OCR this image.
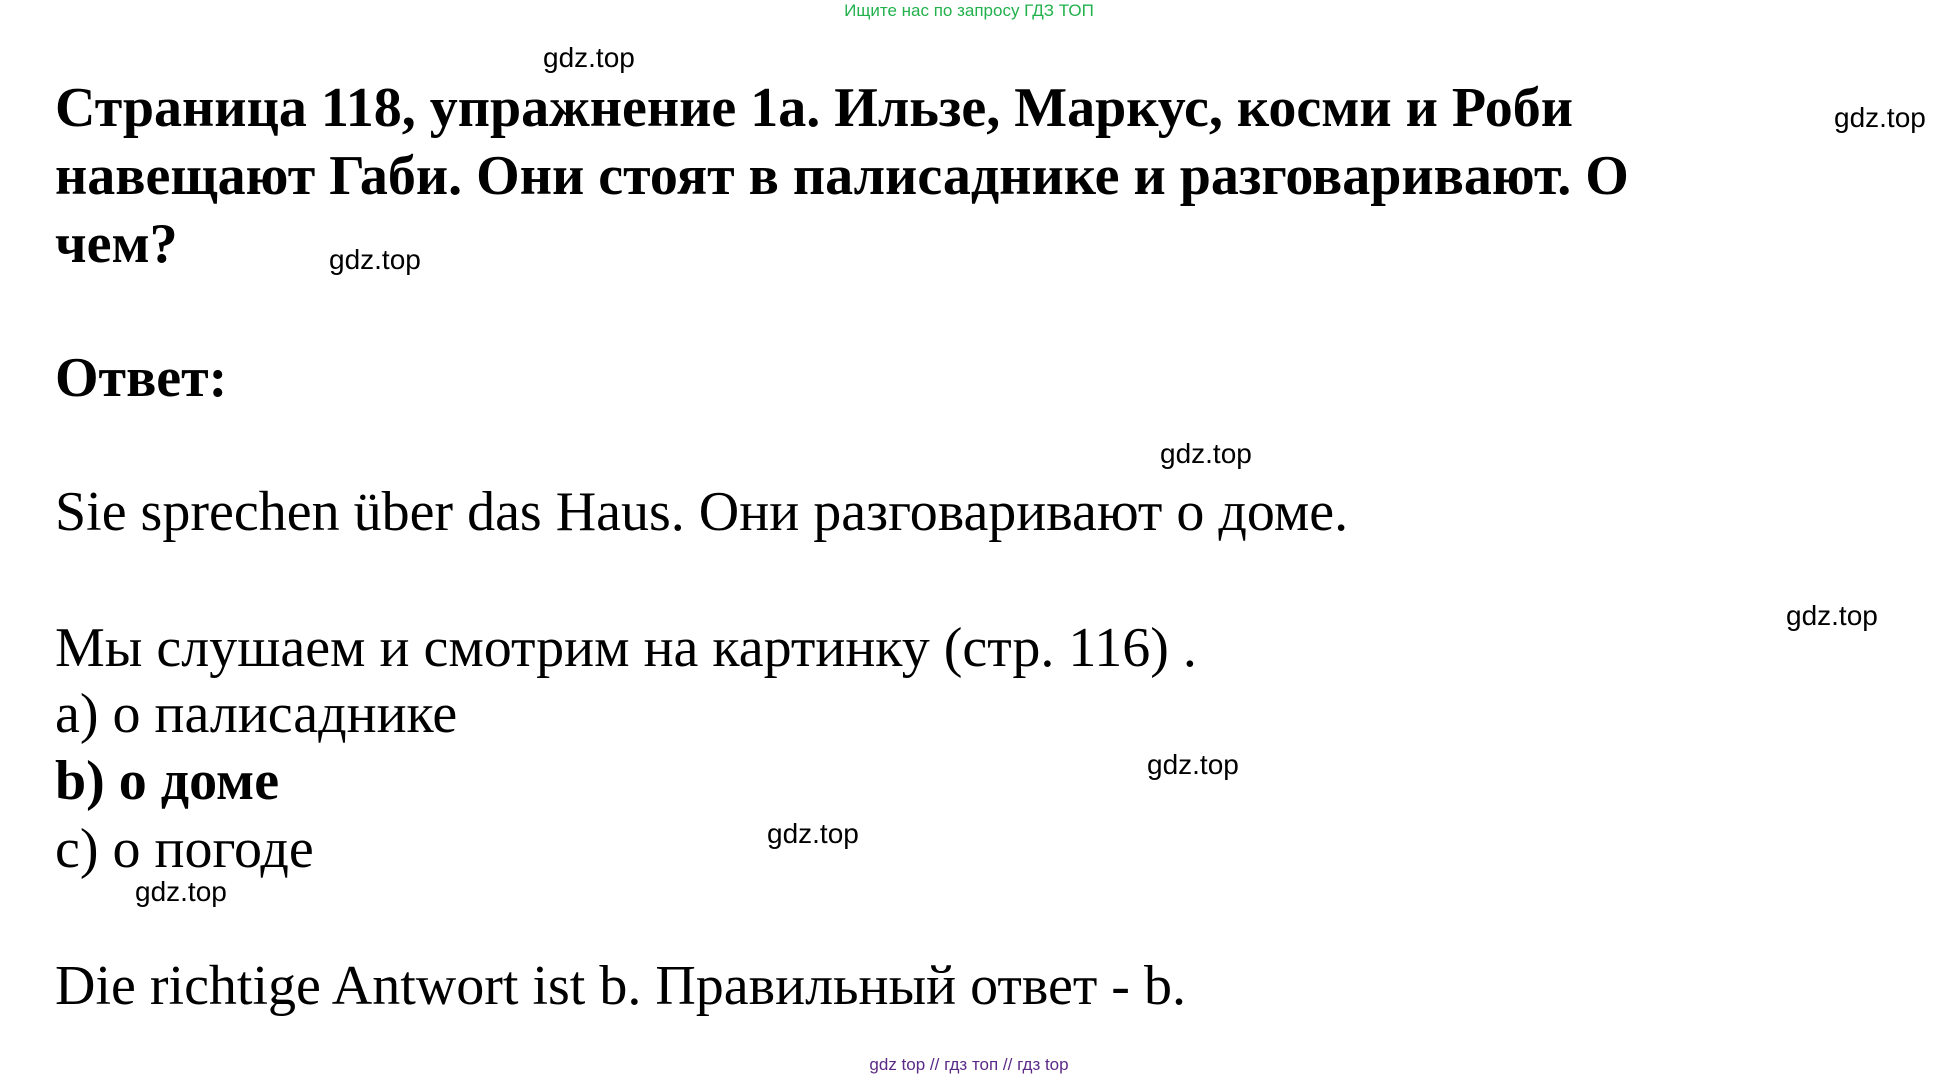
Ищите нас по запросу ГДЗ ТОП
Страница 118, упражнение 1а. Ильзе, Маркус, косми и Роби навещают Габи. Они стоят в палисаднике и разговаривают. О чем?
Ответ:
Sie sprechen über das Haus. Они разговаривают о доме.
Мы слушаем и смотрим на картинку (стр. 116) .
а) о палисаднике
b) о доме
c) о погоде
Die richtige Antwort ist b. Правильный ответ - b.
gdz.top
gdz.top
gdz.top
gdz.top
gdz.top
gdz.top
gdz.top
gdz.top
gdz top // гдз топ // гдз top
